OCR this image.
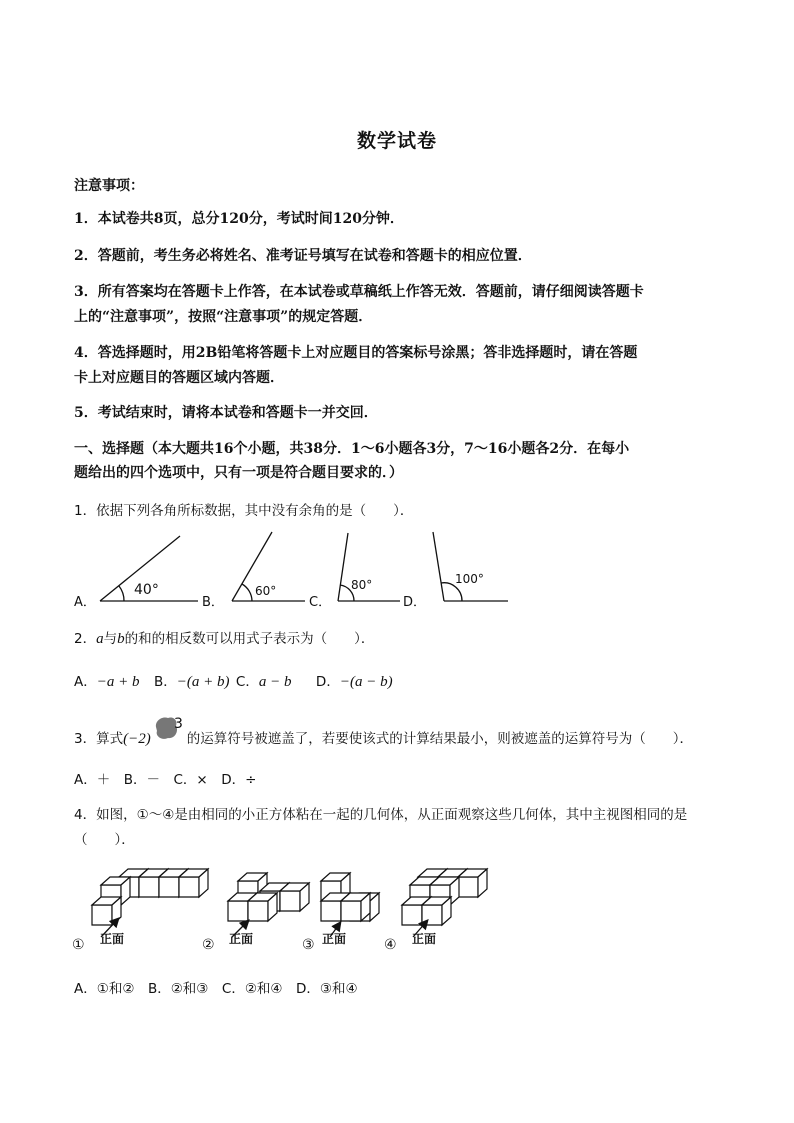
数学试卷
注意事项：
1．本试卷共8页，总分120分，考试时间120分钟．
2．答题前，考生务必将姓名、准考证号填写在试卷和答题卡的相应位置．
3．所有答案均在答题卡上作答，在本试卷或草稿纸上作答无效．答题前，请仔细阅读答题卡
上的“注意事项”，按照“注意事项”的规定答题．
4．答选择题时，用2B铅笔将答题卡上对应题目的答案标号涂黑；答非选择题时，请在答题
卡上对应题目的答题区域内答题．
5．考试结束时，请将本试卷和答题卡一并交回．
一、选择题（本大题共16个小题，共38分．1～6小题各3分，7～16小题各2分．在每小
题给出的四个选项中，只有一项是符合题目要求的．）
1．依据下列各角所标数据，其中没有余角的是（　　）．
40°	60°	80°	100°
A．	B．	C．	D．
2．a与b的和的相反数可以用式子表示为（　　）．
A．−a + b B．−(a + b) C．a − b D．−(a − b)
3．算式(−2)
3
的运算符号被遮盖了，若要使该式的计算结果最小，则被遮盖的运算符号为（　　）．
A．＋　B．－　C．×　D．÷
4．如图，①～④是由相同的小正方体粘在一起的几何体，从正面观察这些几何体，其中主视图相同的是
（　　）．
① 正面	② 正面	③ 正面	④ 正面
A．①和②　B．②和③　C．②和④　D．③和④
